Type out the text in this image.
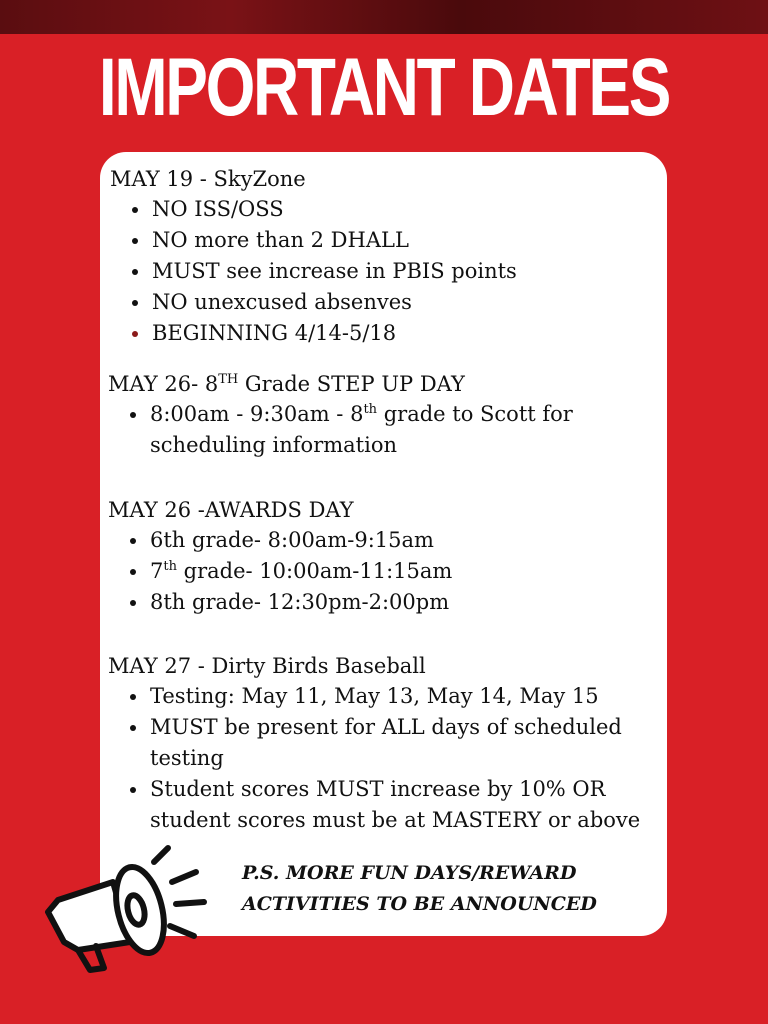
IMPORTANT DATES
MAY 19 - SkyZone
NO ISS/OSS
NO more than 2 DHALL
MUST see increase in PBIS points
NO unexcused absenves
BEGINNING 4/14-5/18
MAY 26- 8TH Grade STEP UP DAY
8:00am - 9:30am - 8th grade to Scott for
scheduling information
MAY 26 -AWARDS DAY
6th grade- 8:00am-9:15am
7th grade- 10:00am-11:15am
8th grade- 12:30pm-2:00pm
MAY 27 - Dirty Birds Baseball
Testing: May 11, May 13, May 14, May 15
MUST be present for ALL days of scheduled
testing
Student scores MUST increase by 10% OR
student scores must be at MASTERY or above
P.S. MORE FUN DAYS/REWARD
ACTIVITIES TO BE ANNOUNCED
